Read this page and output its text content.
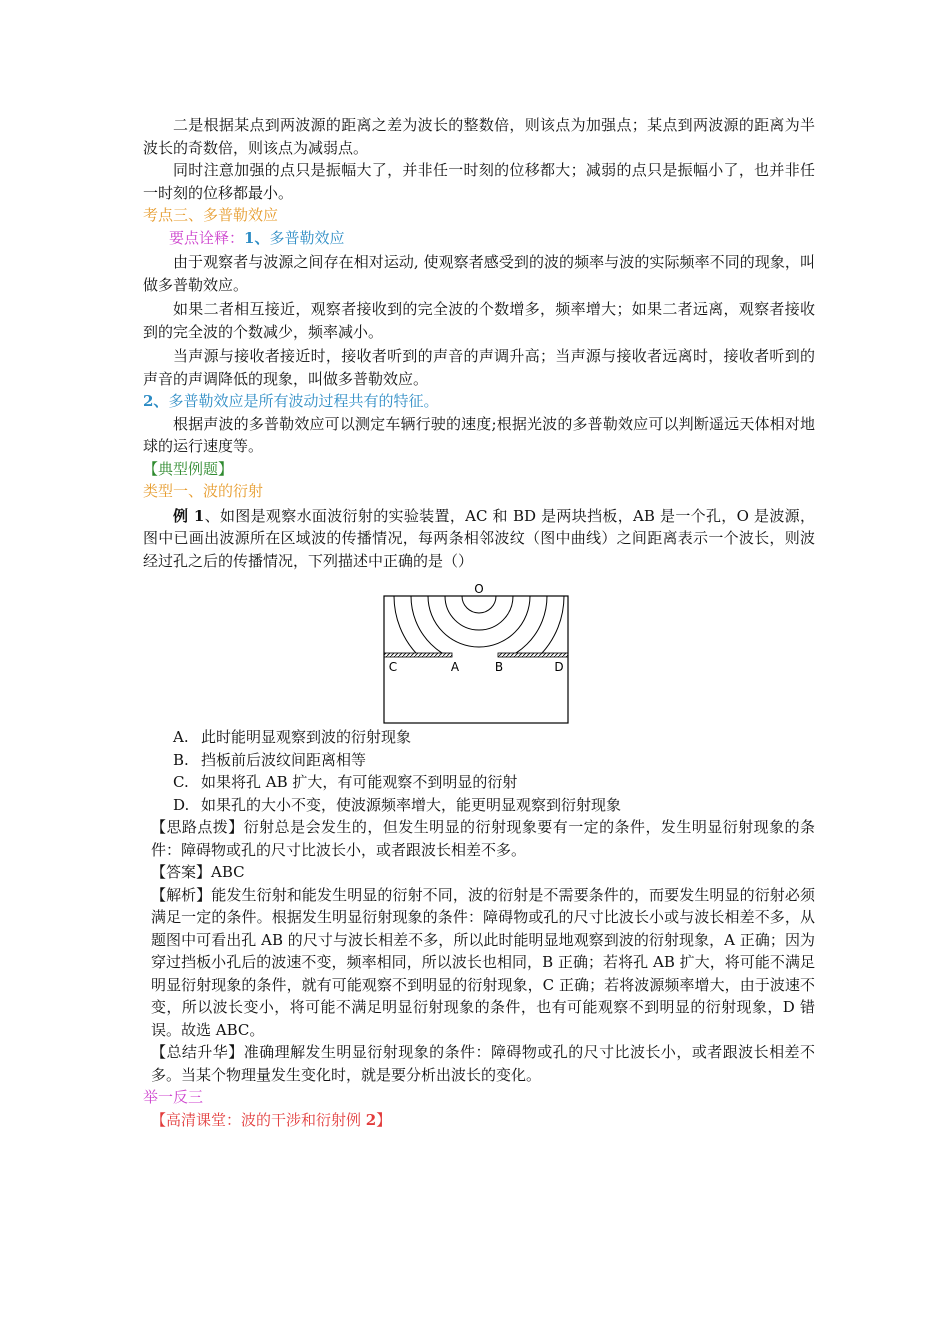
二是根据某点到两波源的距离之差为波长的整数倍，则该点为加强点；某点到两波源的距离为半波长的奇数倍，则该点为减弱点。

同时注意加强的点只是振幅大了，并非任一时刻的位移都大；减弱的点只是振幅小了，也并非任一时刻的位移都最小。

考点三、多普勒效应

要点诠释：1、多普勒效应

由于观察者与波源之间存在相对运动, 使观察者感受到的波的频率与波的实际频率不同的现象，叫做多普勒效应。

如果二者相互接近，观察者接收到的完全波的个数增多，频率增大；如果二者远离，观察者接收到的完全波的个数减少，频率减小。

当声源与接收者接近时，接收者听到的声音的声调升高；当声源与接收者远离时，接收者听到的声音的声调降低的现象，叫做多普勒效应。

2、多普勒效应是所有波动过程共有的特征。

根据声波的多普勒效应可以测定车辆行驶的速度;根据光波的多普勒效应可以判断遥远天体相对地球的运行速度等。

【典型例题】

类型一、波的衍射

例 1、如图是观察水面波衍射的实验装置，AC 和 BD 是两块挡板，AB 是一个孔，O 是波源，图中已画出波源所在区域波的传播情况，每两条相邻波纹（图中曲线）之间距离表示一个波长，则波经过孔之后的传播情况，下列描述中正确的是（）

O
C	A	B	D

A. 此时能明显观察到波的衍射现象

B. 挡板前后波纹间距离相等

C. 如果将孔 AB 扩大，有可能观察不到明显的衍射

D. 如果孔的大小不变，使波源频率增大，能更明显观察到衍射现象

【思路点拨】衍射总是会发生的，但发生明显的衍射现象要有一定的条件，发生明显衍射现象的条件：障碍物或孔的尺寸比波长小，或者跟波长相差不多。

【答案】ABC

【解析】能发生衍射和能发生明显的衍射不同，波的衍射是不需要条件的，而要发生明显的衍射必须满足一定的条件。根据发生明显衍射现象的条件：障碍物或孔的尺寸比波长小或与波长相差不多，从题图中可看出孔 AB 的尺寸与波长相差不多，所以此时能明显地观察到波的衍射现象，A 正确；因为穿过挡板小孔后的波速不变，频率相同，所以波长也相同，B 正确；若将孔 AB 扩大，将可能不满足明显衍射现象的条件，就有可能观察不到明显的衍射现象，C 正确；若将波源频率增大，由于波速不变，所以波长变小，将可能不满足明显衍射现象的条件，也有可能观察不到明显的衍射现象，D 错误。故选 ABC。

【总结升华】准确理解发生明显衍射现象的条件：障碍物或孔的尺寸比波长小，或者跟波长相差不多。当某个物理量发生变化时，就是要分析出波长的变化。

举一反三

【高清课堂：波的干涉和衍射例 2】
